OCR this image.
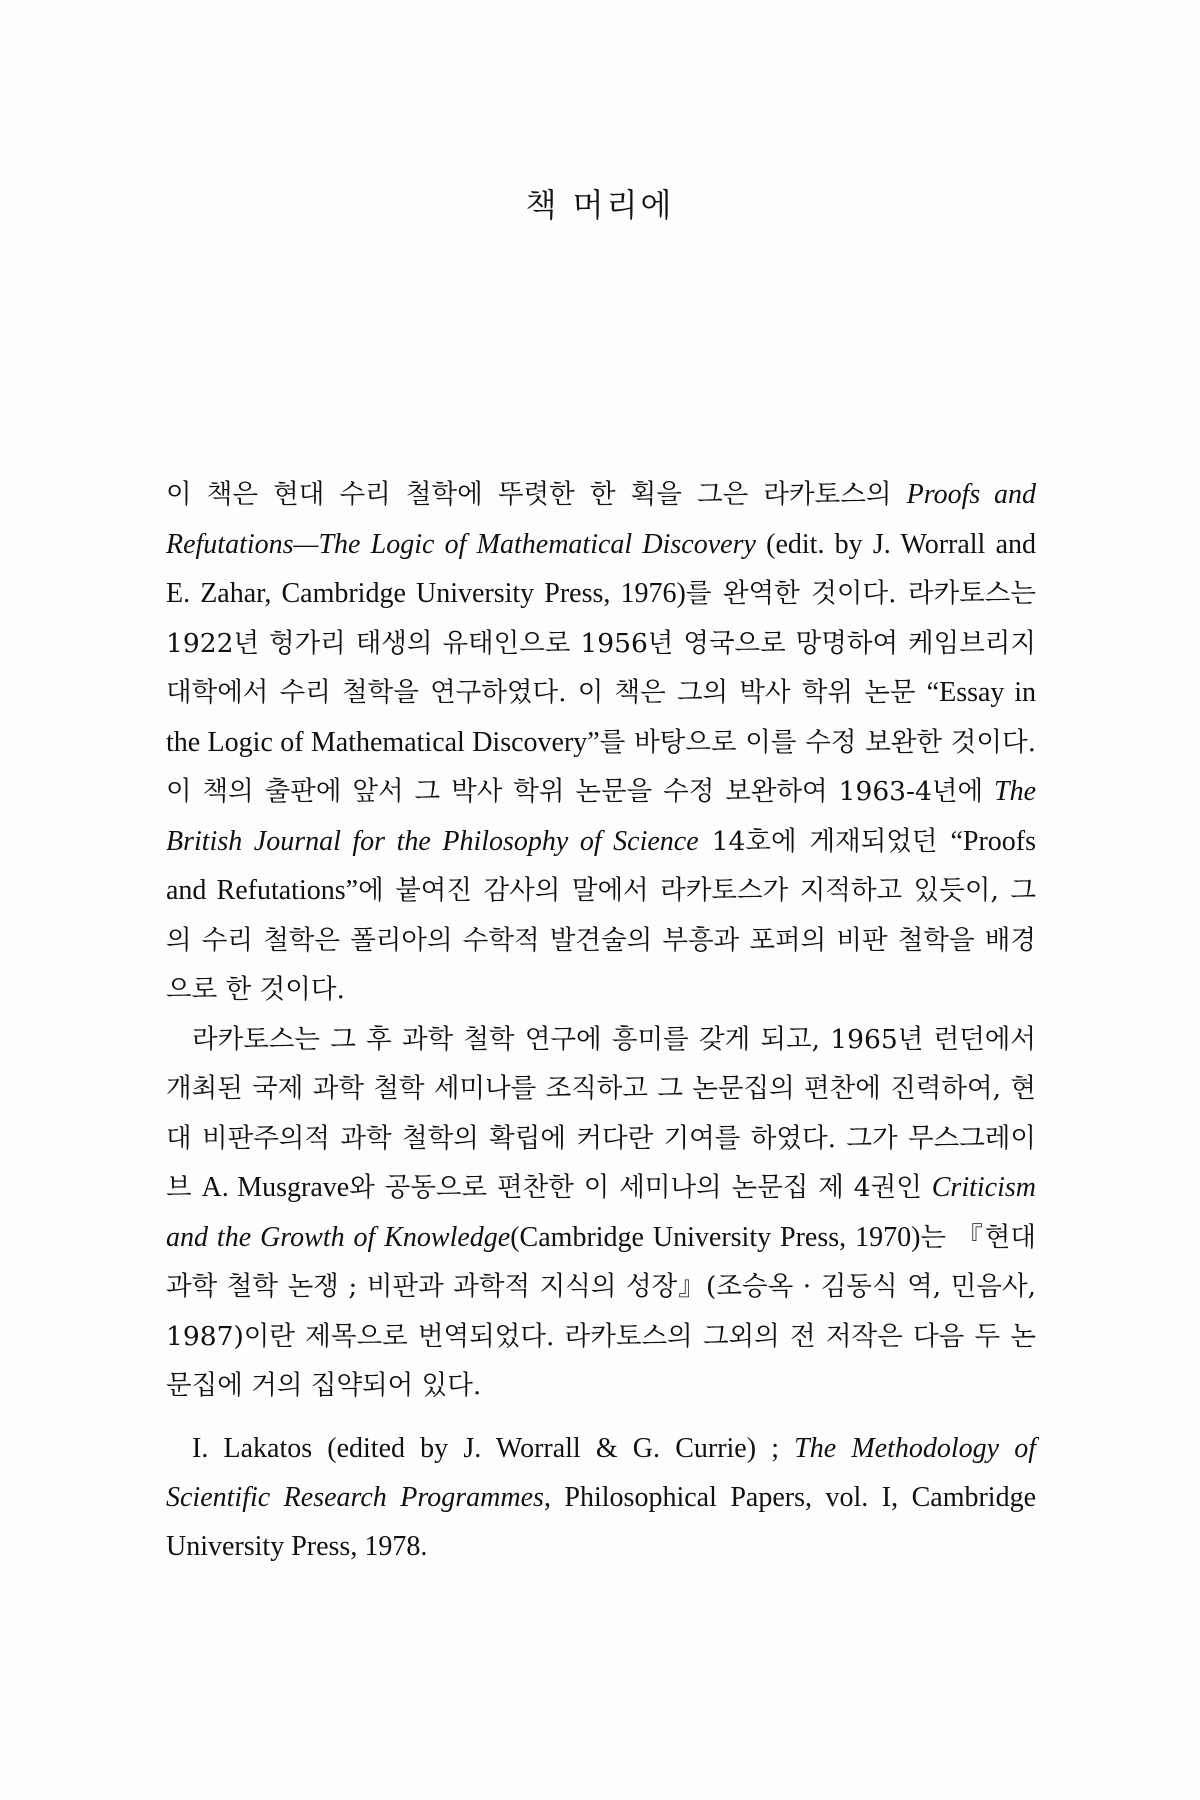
책 머리에

이 책은 현대 수리 철학에 뚜렷한 한 획을 그은 라카토스의 Proofs and Refutations—The Logic of Mathematical Discovery (edit. by J. Worrall and E. Zahar, Cambridge University Press, 1976)를 완역한 것이다. 라카토스는 1922년 헝가리 태생의 유태인으로 1956년 영국으로 망명하여 케임브리지 대학에서 수리 철학을 연구하였다. 이 책은 그의 박사 학위 논문 “Essay in the Logic of Mathematical Discovery”를 바탕으로 이를 수정 보완한 것이다. 이 책의 출판에 앞서 그 박사 학위 논문을 수정 보완하여 1963-4년에 The British Journal for the Philosophy of Science 14호에 게재되었던 “Proofs and Refutations”에 붙여진 감사의 말에서 라카토스가 지적하고 있듯이, 그의 수리 철학은 폴리아의 수학적 발견술의 부흥과 포퍼의 비판 철학을 배경으로 한 것이다.

라카토스는 그 후 과학 철학 연구에 흥미를 갖게 되고, 1965년 런던에서 개최된 국제 과학 철학 세미나를 조직하고 그 논문집의 편찬에 진력하여, 현대 비판주의적 과학 철학의 확립에 커다란 기여를 하였다. 그가 무스그레이브 A. Musgrave와 공동으로 편찬한 이 세미나의 논문집 제 4권인 Criticism and the Growth of Knowledge(Cambridge University Press, 1970)는 『현대 과학 철학 논쟁 ; 비판과 과학적 지식의 성장』(조승옥 · 김동식 역, 민음사, 1987)이란 제목으로 번역되었다. 라카토스의 그외의 전 저작은 다음 두 논문집에 거의 집약되어 있다.

I. Lakatos (edited by J. Worrall & G. Currie) ; The Methodology of Scientific Research Programmes, Philosophical Papers, vol. I, Cambridge University Press, 1978.
